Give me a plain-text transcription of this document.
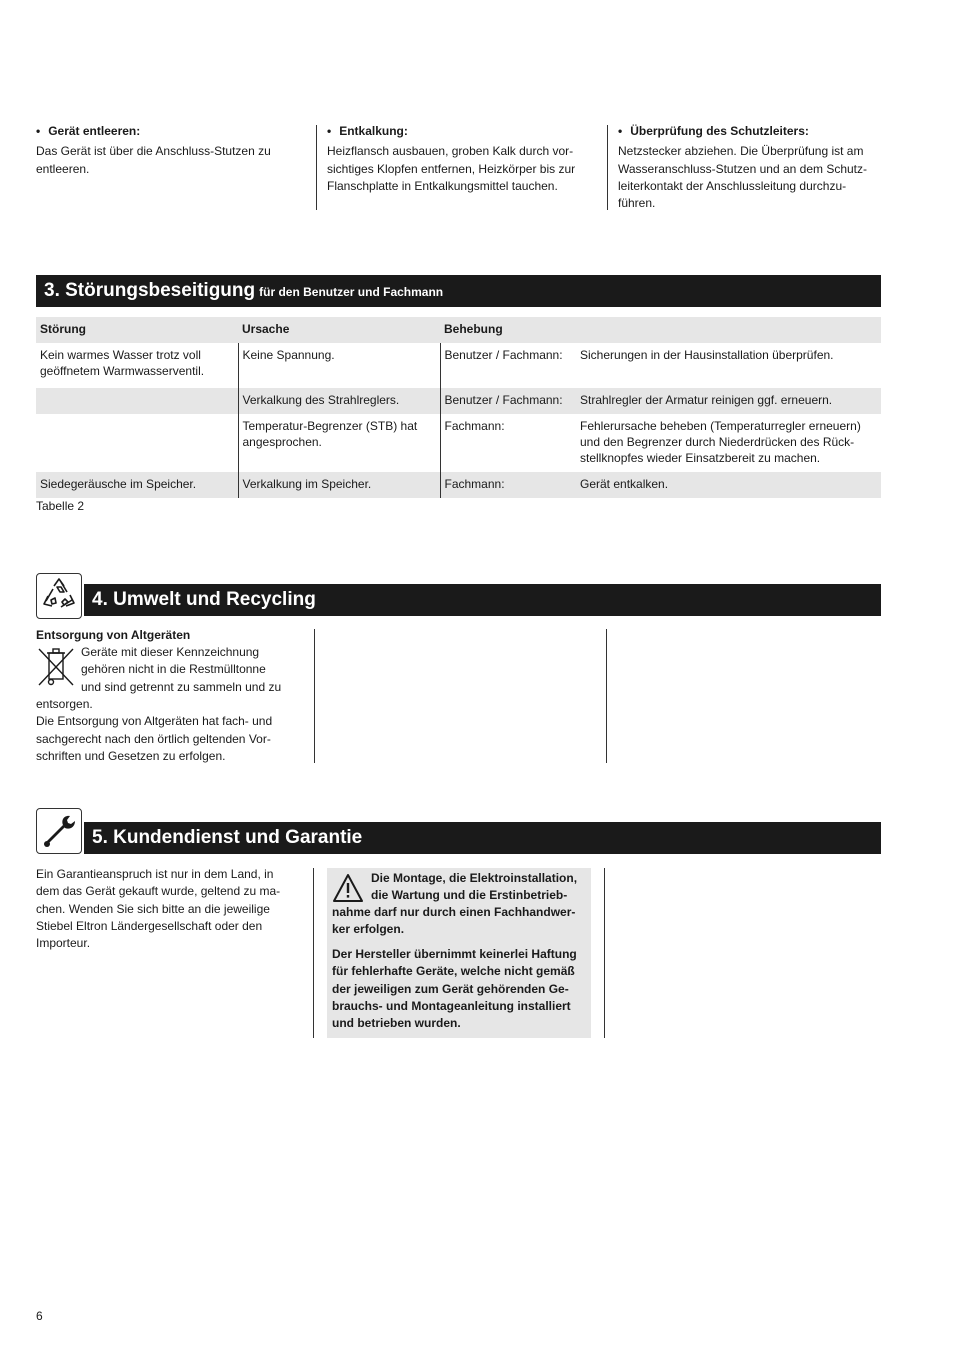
• Gerät entleeren:
Das Gerät ist über die Anschluss-Stutzen zu
entleeren.
• Entkalkung:
Heizflansch ausbauen, groben Kalk durch vor-
sichtiges Klopfen entfernen, Heizkörper bis zur
Flanschplatte in Entkalkungsmittel tauchen.
• Überprüfung des Schutzleiters:
Netzstecker abziehen. Die Überprüfung ist am
Wasseranschluss-Stutzen und an dem Schutz-
leiterkontakt der Anschlussleitung durchzu-
führen.
3. Störungsbeseitigung für den Benutzer und Fachmann
Störung	Ursache	Behebung	
Kein warmes Wasser trotz voll geöffnetem Warmwasserventil.	Keine Spannung.	Benutzer / Fachmann:	Sicherungen in der Hausinstallation überprüfen.
	Verkalkung des Strahlreglers.	Benutzer / Fachmann:	Strahlregler der Armatur reinigen ggf. erneuern.
	Temperatur-Begrenzer (STB) hat angesprochen.	Fachmann:	Fehlerursache beheben (Temperaturregler erneuern) und den Begrenzer durch Niederdrücken des Rück-stellknopfes wieder Einsatzbereit zu machen.
Siedegeräusche im Speicher.	Verkalkung im Speicher.	Fachmann:	Gerät entkalken.
Tabelle 2
4. Umwelt und Recycling
Entsorgung von Altgeräten
Geräte mit dieser Kennzeichnung
gehören nicht in die Restmülltonne
und sind getrennt zu sammeln und zu
entsorgen.
Die Entsorgung von Altgeräten hat fach- und
sachgerecht nach den örtlich geltenden Vor-
schriften und Gesetzen zu erfolgen.
5. Kundendienst und Garantie
Ein Garantieanspruch ist nur in dem Land, in
dem das Gerät gekauft wurde, geltend zu ma-
chen. Wenden Sie sich bitte an die jeweilige
Stiebel Eltron Ländergesellschaft oder den
Importeur.
Die Montage, die Elektroinstallation,
die Wartung und die Erstinbetrieb-
nahme darf nur durch einen Fachhandwer-
ker erfolgen.
Der Hersteller übernimmt keinerlei Haftung
für fehlerhafte Geräte, welche nicht gemäß
der jeweiligen zum Gerät gehörenden Ge-
brauchs- und Montageanleitung installiert
und betrieben wurden.
6
